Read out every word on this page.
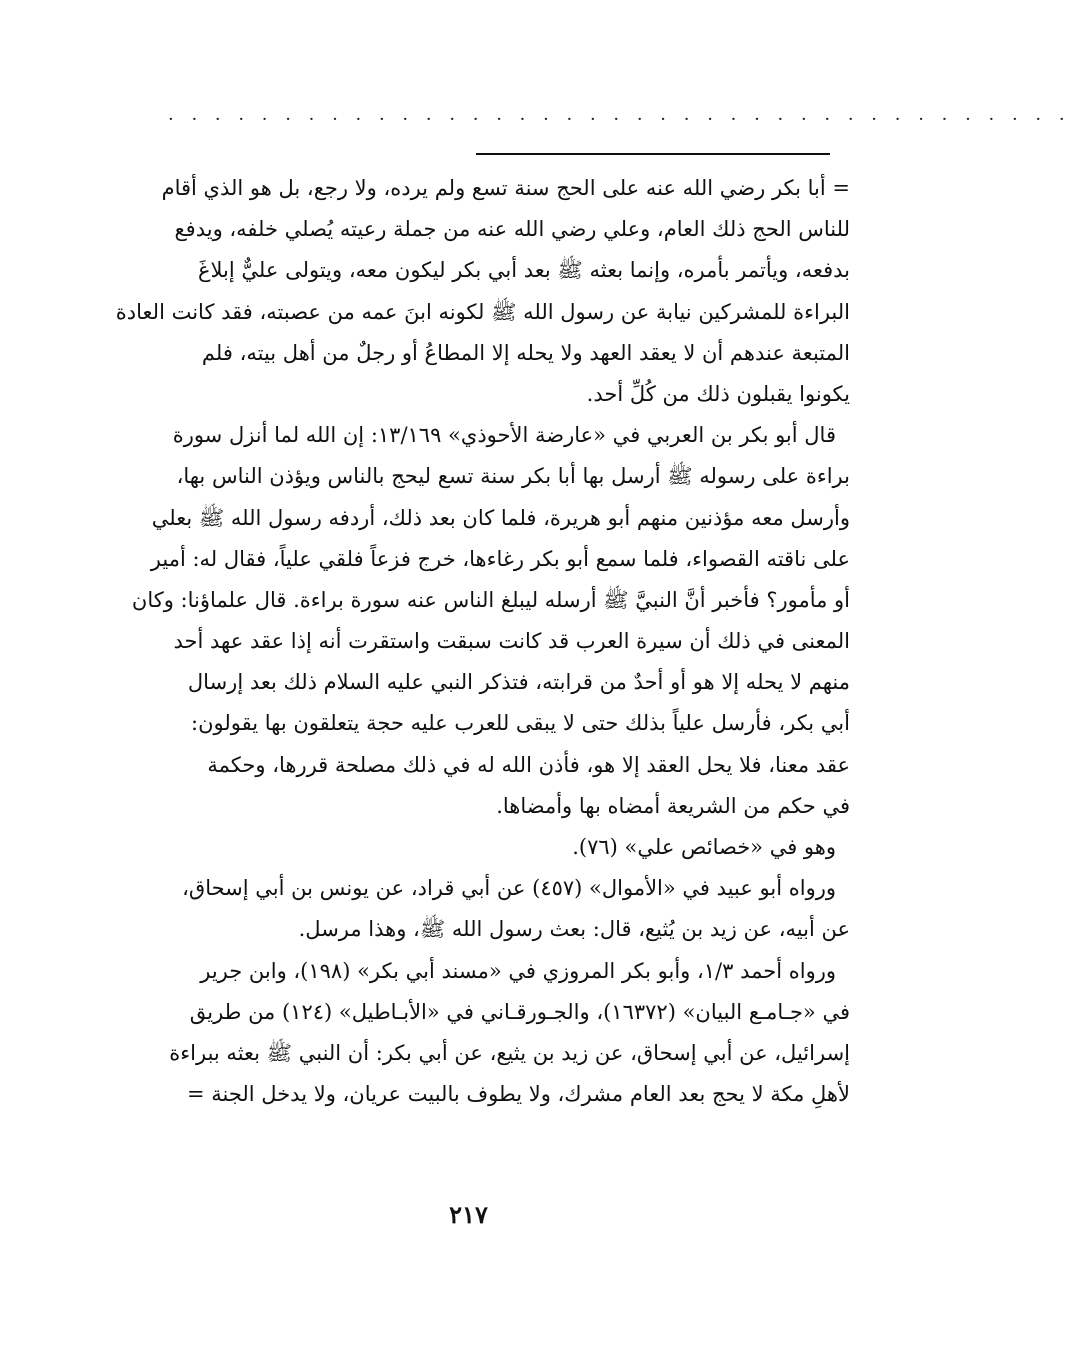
· · · · · · · · · · · · · · · · · · · · · · · · · · · · · · · · · · · · · · ·
= أبا بكر رضي الله عنه على الحج سنة تسع ولم يرده، ولا رجع، بل هو الذي أقام
للناس الحج ذلك العام، وعلي رضي الله عنه من جملة رعيته يُصلي خلفه، ويدفع
بدفعه، ويأتمر بأمره، وإنما بعثه ﷺ بعد أبي بكر ليكون معه، ويتولى عليٌّ إبلاغَ
البراءة للمشركين نيابة عن رسول الله ﷺ لكونه ابنَ عمه من عصبته، فقد كانت العادة
المتبعة عندهم أن لا يعقد العهد ولا يحله إلا المطاعُ أو رجلٌ من أهل بيته، فلم
يكونوا يقبلون ذلك من كُلِّ أحد.
قال أبو بكر بن العربي في «عارضة الأحوذي» ١٣/١٦٩: إن الله لما أنزل سورة
براءة على رسوله ﷺ أرسل بها أبا بكر سنة تسع ليحج بالناس ويؤذن الناس بها،
وأرسل معه مؤذنين منهم أبو هريرة، فلما كان بعد ذلك، أردفه رسول الله ﷺ بعلي
على ناقته القصواء، فلما سمع أبو بكر رغاءها، خرج فزعاً فلقي علياً، فقال له: أمير
أو مأمور؟ فأخبر أنَّ النبيَّ ﷺ أرسله ليبلغ الناس عنه سورة براءة. قال علماؤنا: وكان
المعنى في ذلك أن سيرة العرب قد كانت سبقت واستقرت أنه إذا عقد عهد أحد
منهم لا يحله إلا هو أو أحدٌ من قرابته، فتذكر النبي عليه السلام ذلك بعد إرسال
أبي بكر، فأرسل علياً بذلك حتى لا يبقى للعرب عليه حجة يتعلقون بها يقولون:
عقد معنا، فلا يحل العقد إلا هو، فأذن الله له في ذلك مصلحة قررها، وحكمة
في حكم من الشريعة أمضاه بها وأمضاها.
وهو في «خصائص علي» (٧٦).
ورواه أبو عبيد في «الأموال» (٤٥٧) عن أبي قراد، عن يونس بن أبي إسحاق،
عن أبيه، عن زيد بن يُثيع، قال: بعث رسول الله ﷺ، وهذا مرسل.
ورواه أحمد ١/٣، وأبو بكر المروزي في «مسند أبي بكر» (١٩٨)، وابن جرير
في «جـامـع البيان» (١٦٣٧٢)، والجـورقـاني في «الأبـاطيل» (١٢٤) من طريق
إسرائيل، عن أبي إسحاق، عن زيد بن يثيع، عن أبي بكر: أن النبي ﷺ بعثه ببراءة
لأهلِ مكة لا يحج بعد العام مشرك، ولا يطوف بالبيت عريان، ولا يدخل الجنة =
٢١٧
